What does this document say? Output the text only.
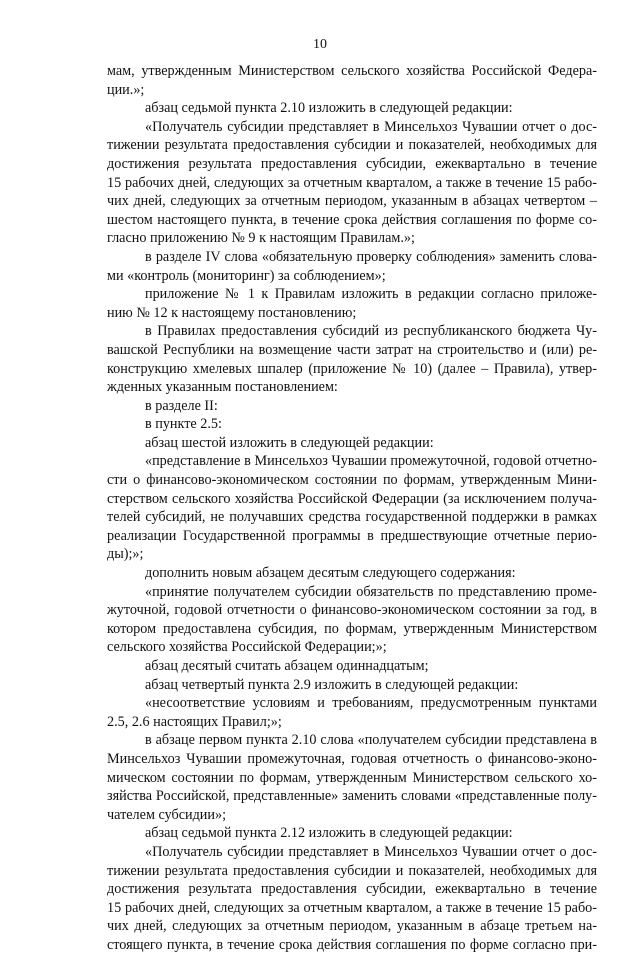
10
мам, утвержденным Министерством сельского хозяйства Российской Федера-
ции.»;
абзац седьмой пункта 2.10 изложить в следующей редакции:
«Получатель субсидии представляет в Минсельхоз Чувашии отчет о дос-
тижении результата предоставления субсидии и показателей, необходимых для
достижения результата предоставления субсидии, ежеквартально в течение
15 рабочих дней, следующих за отчетным кварталом, а также в течение 15 рабо-
чих дней, следующих за отчетным периодом, указанным в абзацах четвертом –
шестом настоящего пункта, в течение срока действия соглашения по форме со-
гласно приложению № 9 к настоящим Правилам.»;
в разделе IV слова «обязательную проверку соблюдения» заменить слова-
ми «контроль (мониторинг) за соблюдением»;
приложение № 1 к Правилам изложить в редакции согласно приложе-
нию № 12 к настоящему постановлению;
в Правилах предоставления субсидий из республиканского бюджета Чу-
вашской Республики на возмещение части затрат на строительство и (или) ре-
конструкцию хмелевых шпалер (приложение № 10) (далее – Правила), утвер-
жденных указанным постановлением:
в разделе II:
в пункте 2.5:
абзац шестой изложить в следующей редакции:
«представление в Минсельхоз Чувашии промежуточной, годовой отчетно-
сти о финансово-экономическом состоянии по формам, утвержденным Мини-
стерством сельского хозяйства Российской Федерации (за исключением получа-
телей субсидий, не получавших средства государственной поддержки в рамках
реализации Государственной программы в предшествующие отчетные перио-
ды);»;
дополнить новым абзацем десятым следующего содержания:
«принятие получателем субсидии обязательств по представлению проме-
жуточной, годовой отчетности о финансово-экономическом состоянии за год, в
котором предоставлена субсидия, по формам, утвержденным Министерством
сельского хозяйства Российской Федерации;»;
абзац десятый считать абзацем одиннадцатым;
абзац четвертый пункта 2.9 изложить в следующей редакции:
«несоответствие условиям и требованиям, предусмотренным пунктами
2.5, 2.6 настоящих Правил;»;
в абзаце первом пункта 2.10 слова «получателем субсидии представлена в
Минсельхоз Чувашии промежуточная, годовая отчетность о финансово-эконо-
мическом состоянии по формам, утвержденным Министерством сельского хо-
зяйства Российской, представленные» заменить словами «представленные полу-
чателем субсидии»;
абзац седьмой пункта 2.12 изложить в следующей редакции:
«Получатель субсидии представляет в Минсельхоз Чувашии отчет о дос-
тижении результата предоставления субсидии и показателей, необходимых для
достижения результата предоставления субсидии, ежеквартально в течение
15 рабочих дней, следующих за отчетным кварталом, а также в течение 15 рабо-
чих дней, следующих за отчетным периодом, указанным в абзаце третьем на-
стоящего пункта, в течение срока действия соглашения по форме согласно при-
